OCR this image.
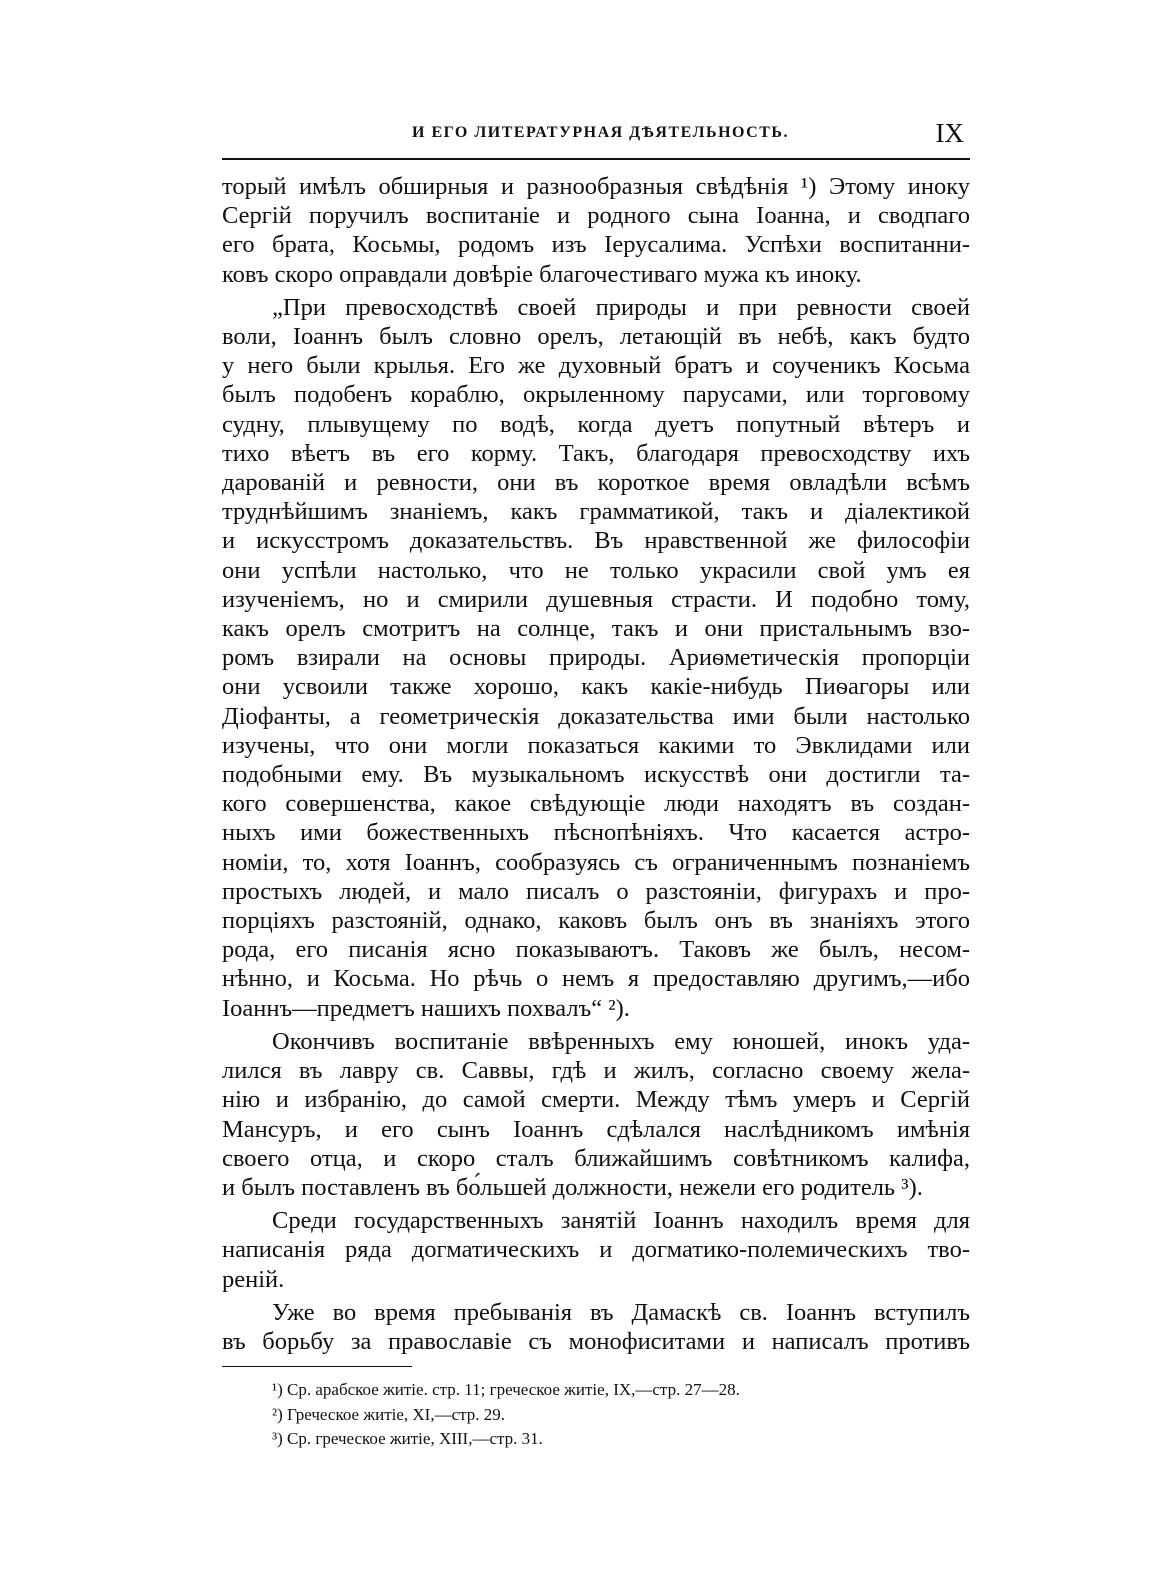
И ЕГО ЛИТЕРАТУРНАЯ ДѢЯТЕЛЬНОСТЬ.	IX

торый имѣлъ обширныя и разнообразныя свѣдѣнія ¹) Этому иноку
Сергій поручилъ воспитаніе и родного сына Іоанна, и сводпаго
его брата, Косьмы, родомъ изъ Іерусалима. Успѣхи воспитанни-
ковъ скоро оправдали довѣріе благочестиваго мужа къ иноку.

„При превосходствѣ своей природы и при ревности своей
воли, Іоаннъ былъ словно орелъ, летающій въ небѣ, какъ будто
у него были крылья. Его же духовный братъ и соученикъ Косьма
былъ подобенъ кораблю, окрыленному парусами, или торговому
судну, плывущему по водѣ, когда дуетъ попутный вѣтеръ и
тихо вѣетъ въ его корму. Такъ, благодаря превосходству ихъ
дарованій и ревности, они въ короткое время овладѣли всѣмъ
труднѣйшимъ знаніемъ, какъ грамматикой, такъ и діалектикой
и искусстромъ доказательствъ. Въ нравственной же философіи
они успѣли настолько, что не только украсили свой умъ ея
изученіемъ, но и смирили душевныя страсти. И подобно тому,
какъ орелъ смотритъ на солнце, такъ и они пристальнымъ взо-
ромъ взирали на основы природы. Ариѳметическія пропорціи
они усвоили также хорошо, какъ какіе-нибудь Пиѳагоры или
Діофанты, а геометрическія доказательства ими были настолько
изучены, что они могли показаться какими то Эвклидами или
подобными ему. Въ музыкальномъ искусствѣ они достигли та-
кого совершенства, какое свѣдующіе люди находятъ въ создан-
ныхъ ими божественныхъ пѣснопѣніяхъ. Что касается астро-
номіи, то, хотя Іоаннъ, сообразуясь съ ограниченнымъ познаніемъ
простыхъ людей, и мало писалъ о разстояніи, фигурахъ и про-
порціяхъ разстояній, однако, каковъ былъ онъ въ знаніяхъ этого
рода, его писанія ясно показываютъ. Таковъ же былъ, несом-
нѣнно, и Косьма. Но рѣчь о немъ я предоставляю другимъ,—ибо
Іоаннъ—предметъ нашихъ похвалъ“ ²).

Окончивъ воспитаніе ввѣренныхъ ему юношей, инокъ уда-
лился въ лавру св. Саввы, гдѣ и жилъ, согласно своему жела-
нію и избранію, до самой смерти. Между тѣмъ умеръ и Сергій
Мансуръ, и его сынъ Іоаннъ сдѣлался наслѣдникомъ имѣнія
своего отца, и скоро сталъ ближайшимъ совѣтникомъ калифа,
и былъ поставленъ въ бо́льшей должности, нежели его родитель ³).

Среди государственныхъ занятій Іоаннъ находилъ время для
написанія ряда догматическихъ и догматико-полемическихъ тво-
реній.

Уже во время пребыванія въ Дамаскѣ св. Іоаннъ вступилъ
въ борьбу за православіе съ монофиситами и написалъ противъ

¹) Ср. арабское житіе. стр. 11; греческое житіе, IX,—стр. 27—28.
²) Греческое житіе, XI,—стр. 29.
³) Ср. греческое житіе, XIII,—стр. 31.
